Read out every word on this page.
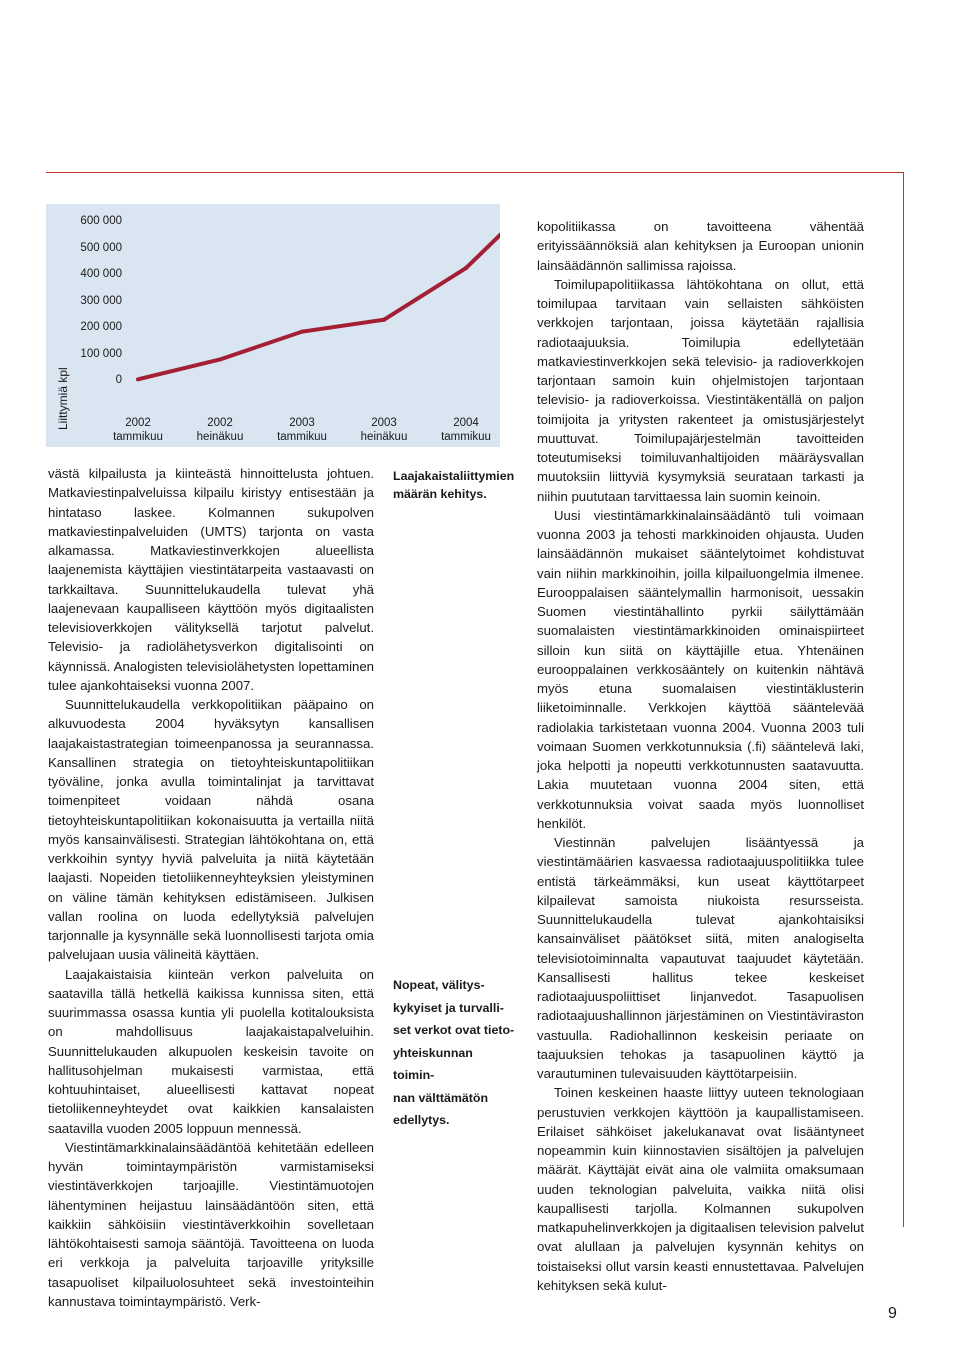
Liittymiä kpl
600 000
500 000
400 000
300 000
200 000
100 000
0
2002
tammikuu
2002
heinäkuu
2003
tammikuu
2003
heinäkuu
2004
tammikuu

västä kilpailusta ja kiinteästä hinnoittelusta johtuen. Matkaviestinpalveluissa kilpailu kiristyy entisestään ja hintataso laskee. Kolmannen sukupolven matkaviestinpalveluiden (UMTS) tarjonta on vasta alkamassa. Matkaviestinverkkojen alueellista laajenemista käyttäjien viestintätarpeita vastaavasti on tarkkailtava. Suunnittelukaudella tulevat yhä laajenevaan kaupalliseen käyttöön myös digitaalisten televisioverkkojen välityksellä tarjotut palvelut. Televisio- ja radiolähetysverkon digitalisointi on käynnissä. Analogisten televisiolähetysten lopettaminen tulee ajankohtaiseksi vuonna 2007.

Suunnittelukaudella verkkopolitiikan pääpaino on alkuvuodesta 2004 hyväksytyn kansallisen laajakaistastrategian toimeenpanossa ja seurannassa. Kansallinen strategia on tietoyhteiskuntapolitiikan työväline, jonka avulla toimintalinjat ja tarvittavat toimenpiteet voidaan nähdä osana tietoyhteiskuntapolitiikan kokonaisuutta ja vertailla niitä myös kansainvälisesti. Strategian lähtökohtana on, että verkkoihin syntyy hyviä palveluita ja niitä käytetään laajasti. Nopeiden tietoliikenneyhteyksien yleistyminen on väline tämän kehityksen edistämiseen. Julkisen vallan roolina on luoda edellytyksiä palvelujen tarjonnalle ja kysynnälle sekä luonnollisesti tarjota omia palvelujaan uusia välineitä käyttäen.

Laajakaistaisia kiinteän verkon palveluita on saatavilla tällä hetkellä kaikissa kunnissa siten, että suurimmassa osassa kuntia yli puolella kotitalouksista on mahdollisuus laajakaistapalveluihin. Suunnittelukauden alkupuolen keskeisin tavoite on hallitusohjelman mukaisesti varmistaa, että kohtuuhintaiset, alueellisesti kattavat nopeat tietoliikenneyhteydet ovat kaikkien kansalaisten saatavilla vuoden 2005 loppuun mennessä.

Viestintämarkkinalainsäädäntöä kehitetään edelleen hyvän toimintaympäristön varmistamiseksi viestintäverkkojen tarjoajille. Viestintämuotojen lähentyminen heijastuu lainsäädäntöön siten, että kaikkiin sähköisiin viestintäverkkoihin sovelletaan lähtökohtaisesti samoja sääntöjä. Tavoitteena on luoda eri verkkoja ja palveluita tarjoaville yrityksille tasapuoliset kilpailuolosuhteet sekä investointeihin kannustava toimintaympäristö. Verk-

Laajakaistaliittymien määrän kehitys.
Nopeat, välitys-
kykyiset ja turvalli-
set verkot ovat tieto-
yhteiskunnan toimin-
nan välttämätön
edellytys.

kopolitiikassa on tavoitteena vähentää erityissäännöksiä alan kehityksen ja Euroopan unionin lainsäädännön sallimissa rajoissa.

Toimilupapolitiikassa lähtökohtana on ollut, että toimilupaa tarvitaan vain sellaisten sähköisten verkkojen tarjontaan, joissa käytetään rajallisia radiotaajuuksia. Toimilupia edellytetään matkaviestinverkkojen sekä televisio- ja radioverkkojen tarjontaan samoin kuin ohjelmistojen tarjontaan televisio- ja radioverkoissa. Viestintäkentällä on paljon toimijoita ja yritysten rakenteet ja omistusjärjestelyt muuttuvat. Toimilupajärjestelmän tavoitteiden toteutumiseksi toimiluvanhaltijoiden määräysvallan muutoksiin liittyviä kysymyksiä seurataan tarkasti ja niihin puututaan tarvittaessa lain suomin keinoin.

Uusi viestintämarkkinalainsäädäntö tuli voimaan vuonna 2003 ja tehosti markkinoiden ohjausta. Uuden lainsäädännön mukaiset sääntelytoimet kohdistuvat vain niihin markkinoihin, joilla kilpailuongelmia ilmenee. Eurooppalaisen sääntelymallin harmonisoit, uessakin Suomen viestintähallinto pyrkii säilyttämään suomalaisten viestintämarkkinoiden ominaispiirteet silloin kun siitä on käyttäjille etua. Yhtenäinen eurooppalainen verkkosääntely on kuitenkin nähtävä myös etuna suomalaisen viestintäklusterin liiketoiminnalle. Verkkojen käyttöä sääntelevää radiolakia tarkistetaan vuonna 2004. Vuonna 2003 tuli voimaan Suomen verkkotunnuksia (.fi) sääntelevä laki, joka helpotti ja nopeutti verkkotunnusten saatavuutta. Lakia muutetaan vuonna 2004 siten, että verkkotunnuksia voivat saada myös luonnolliset henkilöt.

Viestinnän palvelujen lisääntyessä ja viestintämäärien kasvaessa radiotaajuuspolitiikka tulee entistä tärkeämmäksi, kun useat käyttötarpeet kilpailevat samoista niukoista resursseista. Suunnittelukaudella tulevat ajankohtaisiksi kansainväliset päätökset siitä, miten analogiselta televisiotoiminnalta vapautuvat taajuudet käytetään. Kansallisesti hallitus tekee keskeiset radiotaajuuspoliittiset linjanvedot. Tasapuolisen radiotaajuushallinnon järjestäminen on Viestintäviraston vastuulla. Radiohallinnon keskeisin periaate on taajuuksien tehokas ja tasapuolinen käyttö ja varautuminen tulevaisuuden käyttötarpeisiin.

Toinen keskeinen haaste liittyy uuteen teknologiaan perustuvien verkkojen käyttöön ja kaupallistamiseen. Erilaiset sähköiset jakelukanavat ovat lisääntyneet nopeammin kuin kiinnostavien sisältöjen ja palvelujen määrät. Käyttäjät eivät aina ole valmiita omaksumaan uuden teknologian palveluita, vaikka niitä olisi kaupallisesti tarjolla. Kolmannen sukupolven matkapuhelinverkkojen ja digitaalisen television palvelut ovat alullaan ja palvelujen kysynnän kehitys on toistaiseksi ollut varsin keasti ennustettavaa. Palvelujen kehityksen sekä kulut-

9
